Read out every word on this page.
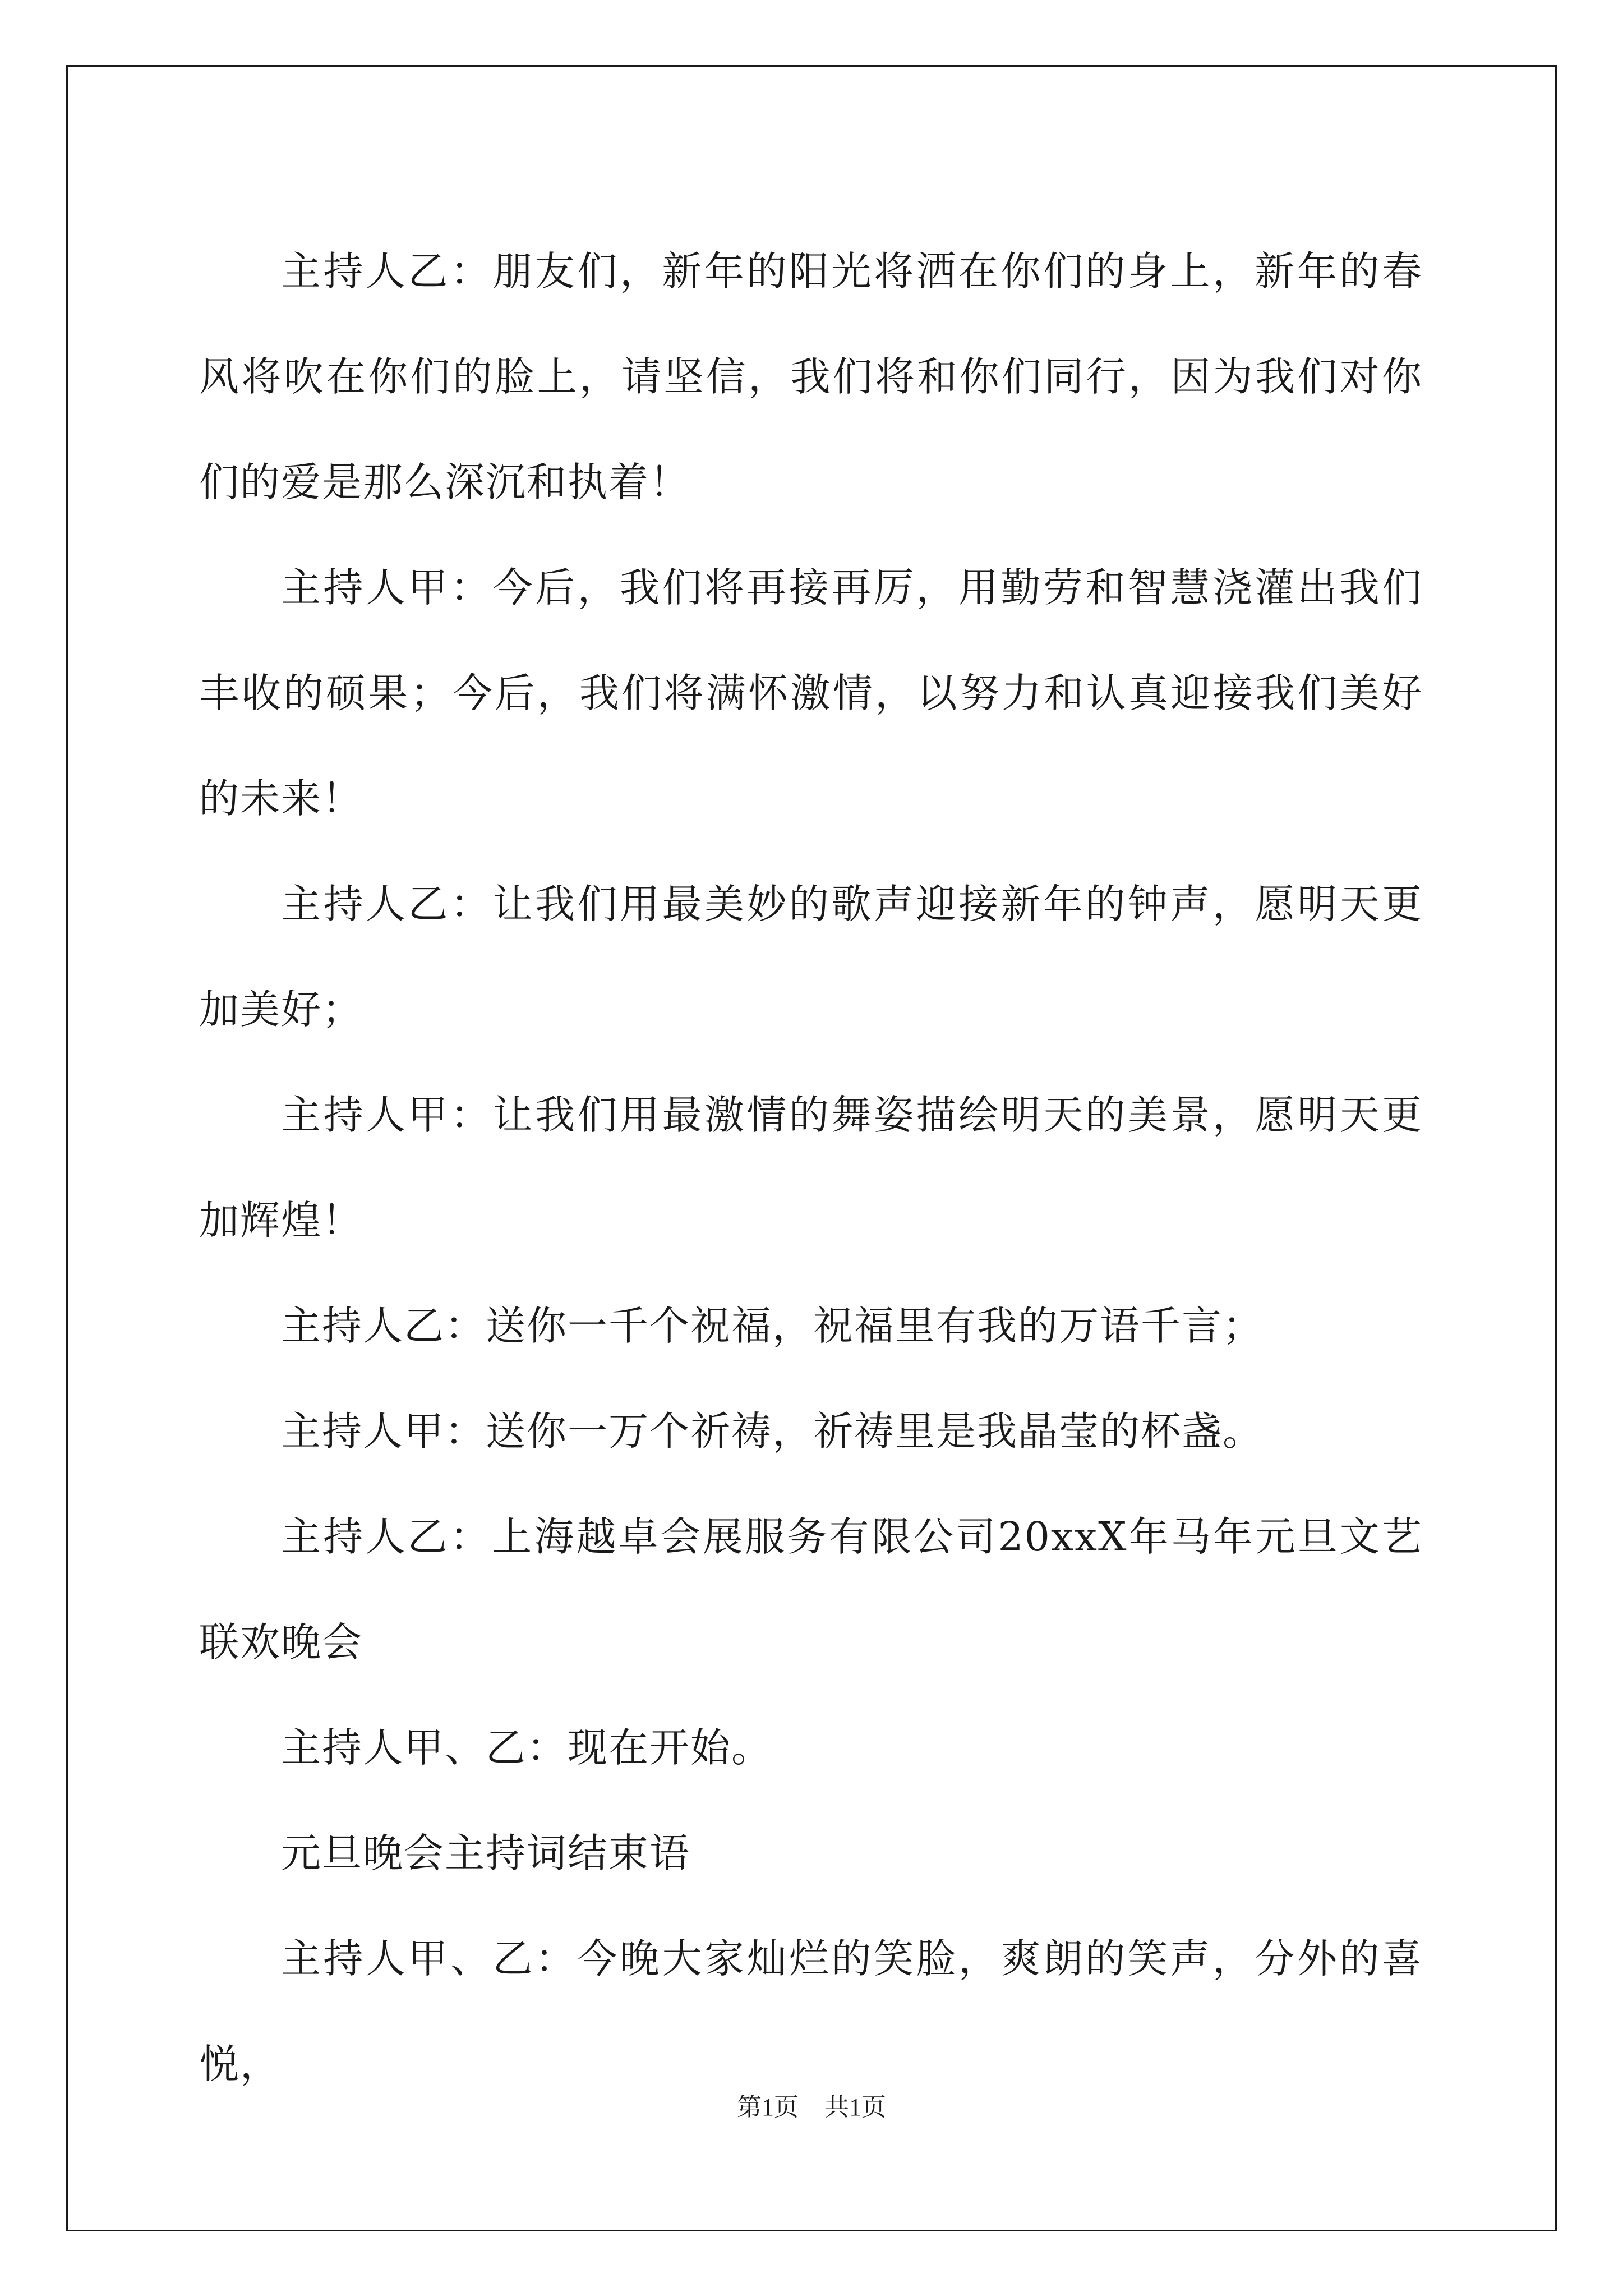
主持人乙：朋友们，新年的阳光将洒在你们的身上，新年的春风将吹在你们的脸上，请坚信，我们将和你们同行，因为我们对你们的爱是那么深沉和执着！

主持人甲：今后，我们将再接再厉，用勤劳和智慧浇灌出我们丰收的硕果；今后，我们将满怀激情，以努力和认真迎接我们美好的未来！

主持人乙：让我们用最美妙的歌声迎接新年的钟声，愿明天更加美好；

主持人甲：让我们用最激情的舞姿描绘明天的美景，愿明天更加辉煌！

主持人乙：送你一千个祝福，祝福里有我的万语千言；

主持人甲：送你一万个祈祷，祈祷里是我晶莹的杯盏。

主持人乙：上海越卓会展服务有限公司20xxX年马年元旦文艺联欢晚会

主持人甲、乙：现在开始。

元旦晚会主持词结束语

主持人甲、乙：今晚大家灿烂的笑脸，爽朗的笑声，分外的喜悦，

第1页 共1页
